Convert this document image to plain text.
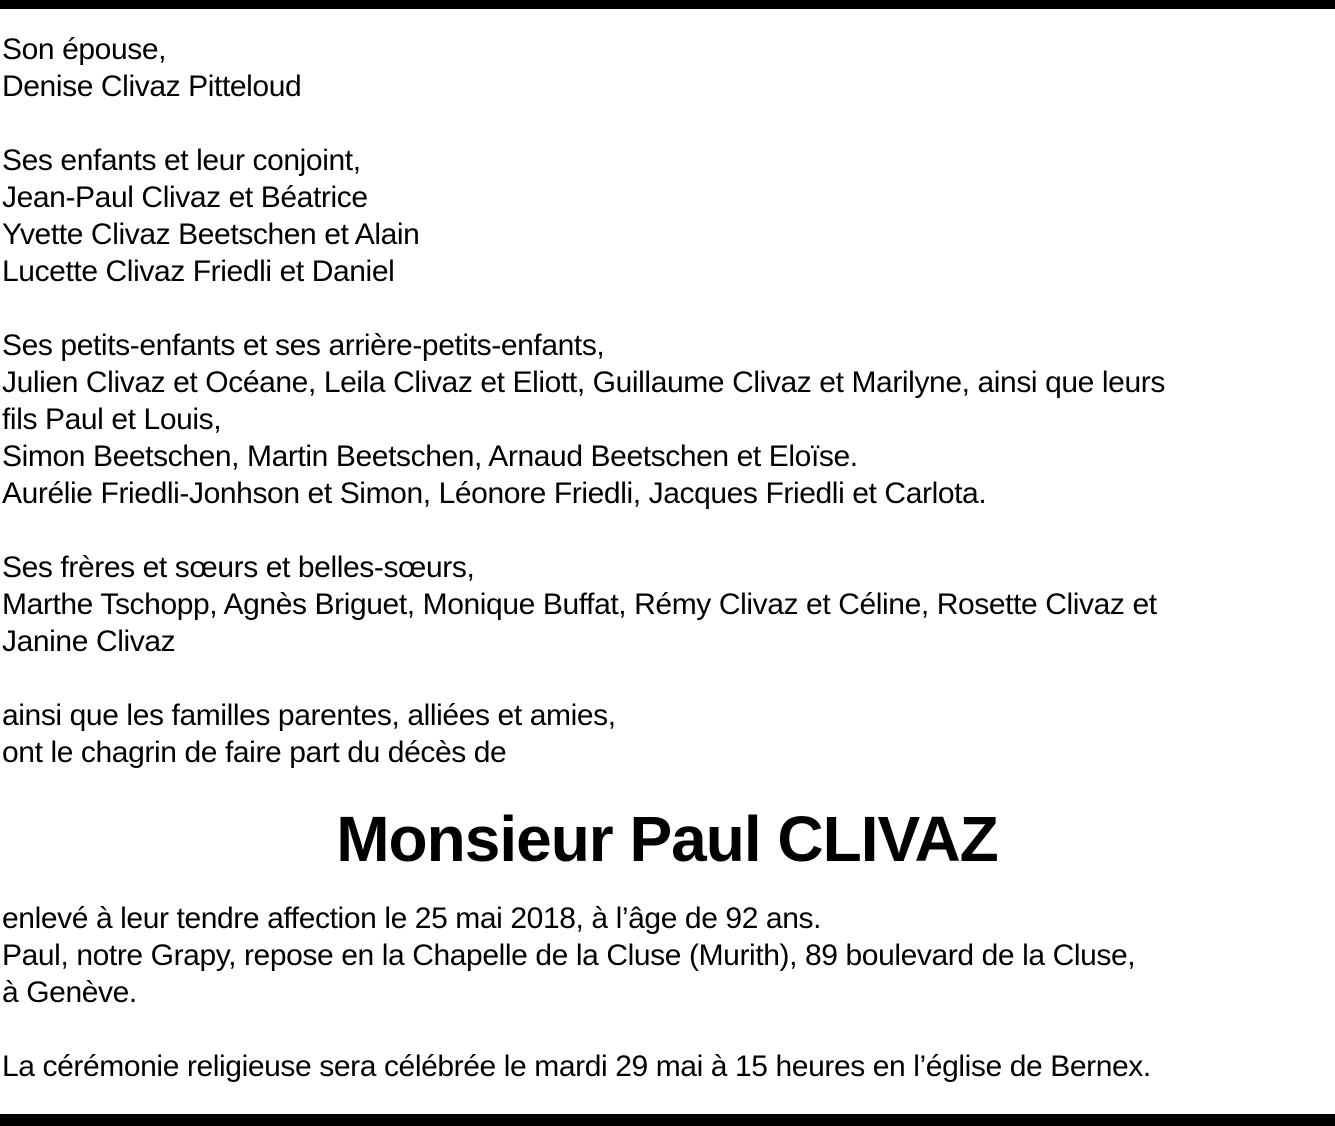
Son épouse,
Denise Clivaz Pitteloud
Ses enfants et leur conjoint,
Jean-Paul Clivaz et Béatrice
Yvette Clivaz Beetschen et Alain
Lucette Clivaz Friedli et Daniel
Ses petits-enfants et ses arrière-petits-enfants,
Julien Clivaz et Océane, Leila Clivaz et Eliott, Guillaume Clivaz et Marilyne, ainsi que leurs
fils Paul et Louis,
Simon Beetschen, Martin Beetschen, Arnaud Beetschen et Eloïse.
Aurélie Friedli-Jonhson et Simon, Léonore Friedli, Jacques Friedli et Carlota.
Ses frères et sœurs et belles-sœurs,
Marthe Tschopp, Agnès Briguet, Monique Buffat, Rémy Clivaz et Céline, Rosette Clivaz et
Janine Clivaz
ainsi que les familles parentes, alliées et amies,
ont le chagrin de faire part du décès de
Monsieur Paul CLIVAZ
enlevé à leur tendre affection le 25 mai 2018, à l’âge de 92 ans.
Paul, notre Grapy, repose en la Chapelle de la Cluse (Murith), 89 boulevard de la Cluse,
à Genève.
La cérémonie religieuse sera célébrée le mardi 29 mai à 15 heures en l’église de Bernex.
